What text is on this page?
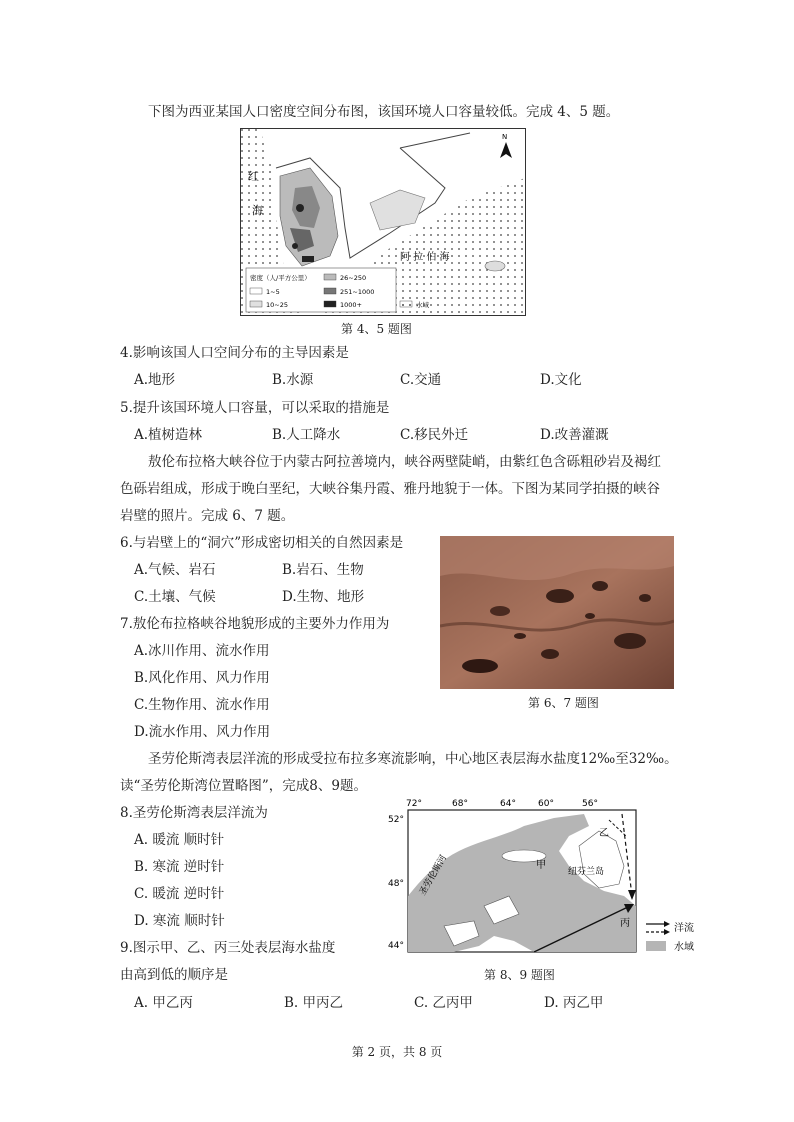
下图为西亚某国人口密度空间分布图，该国环境人口容量较低。完成 4、5 题。
N
红
海
阿 拉 伯 海
密度（人/平方公里）	26~250
1~5	251~1000
10~25	1000+	水域
第 4、5 题图
4.影响该国人口空间分布的主导因素是
A.地形	B.水源	C.交通	D.文化
5.提升该国环境人口容量，可以采取的措施是
A.植树造林	B.人工降水	C.移民外迁	D.改善灌溉
敖伦布拉格大峡谷位于内蒙古阿拉善境内，峡谷两壁陡峭，由紫红色含砾粗砂岩及褐红
色砾岩组成，形成于晚白垩纪，大峡谷集丹霞、雅丹地貌于一体。下图为某同学拍摄的峡谷
岩壁的照片。完成 6、7 题。
6.与岩壁上的“洞穴”形成密切相关的自然因素是
A.气候、岩石	B.岩石、生物
C.土壤、气候	D.生物、地形
7.敖伦布拉格峡谷地貌形成的主要外力作用为
A.冰川作用、流水作用
B.风化作用、风力作用
C.生物作用、流水作用
D.流水作用、风力作用
第 6、7 题图
圣劳伦斯湾表层洋流的形成受拉布拉多寒流影响，中心地区表层海水盐度12‰至32‰。
读“圣劳伦斯湾位置略图”，完成8、9题。
8.圣劳伦斯湾表层洋流为
A. 暖流 顺时针
B. 寒流 逆时针
C. 暖流 逆时针
D. 寒流 顺时针
9.图示甲、乙、丙三处表层海水盐度
由高到低的顺序是
A. 甲乙丙	B. 甲丙乙	C. 乙丙甲	D. 丙乙甲
72°	68°	64° 60°	56°
52°
48°
44°
圣劳伦斯河	甲
乙
丙
纽芬兰岛
洋流
水域
第 8、9 题图
第 2 页，共 8 页
